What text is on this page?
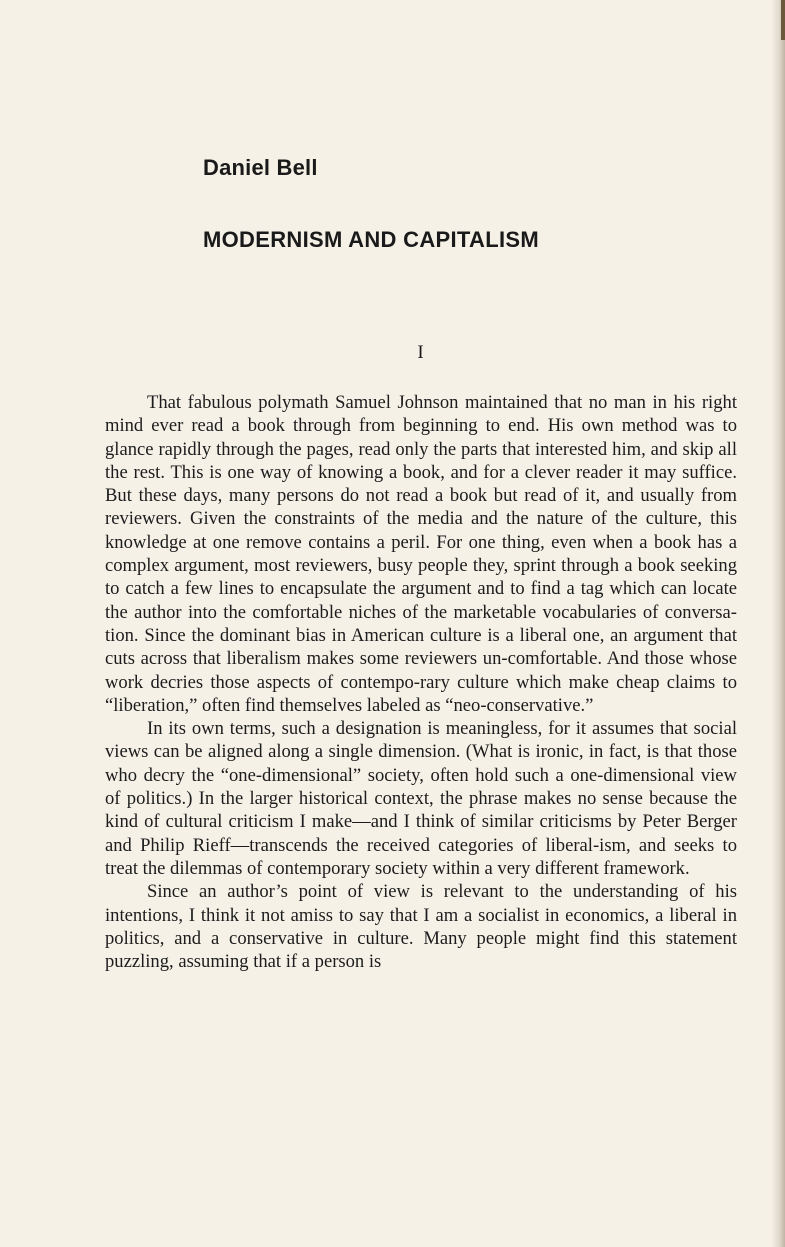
Daniel Bell
MODERNISM AND CAPITALISM
I

That fabulous polymath Samuel Johnson maintained that no man in his right mind ever read a book through from beginning to end. His own method was to glance rapidly through the pages, read only the parts that interested him, and skip all the rest. This is one way of knowing a book, and for a clever reader it may suffice. But these days, many persons do not read a book but read of it, and usually from reviewers. Given the constraints of the media and the nature of the culture, this knowledge at one remove contains a peril. For one thing, even when a book has a complex argument, most reviewers, busy people they, sprint through a book seeking to catch a few lines to encapsulate the argument and to find a tag which can locate the author into the comfortable niches of the marketable vocabularies of conversa-tion. Since the dominant bias in American culture is a liberal one, an argument that cuts across that liberalism makes some reviewers un-comfortable. And those whose work decries those aspects of contempo-rary culture which make cheap claims to “liberation,” often find themselves labeled as “neo-conservative.”

In its own terms, such a designation is meaningless, for it assumes that social views can be aligned along a single dimension. (What is ironic, in fact, is that those who decry the “one-dimensional” society, often hold such a one-dimensional view of politics.) In the larger historical context, the phrase makes no sense because the kind of cultural criticism I make—and I think of similar criticisms by Peter Berger and Philip Rieff—transcends the received categories of liberal-ism, and seeks to treat the dilemmas of contemporary society within a very different framework.

Since an author’s point of view is relevant to the understanding of his intentions, I think it not amiss to say that I am a socialist in economics, a liberal in politics, and a conservative in culture. Many people might find this statement puzzling, assuming that if a person is
